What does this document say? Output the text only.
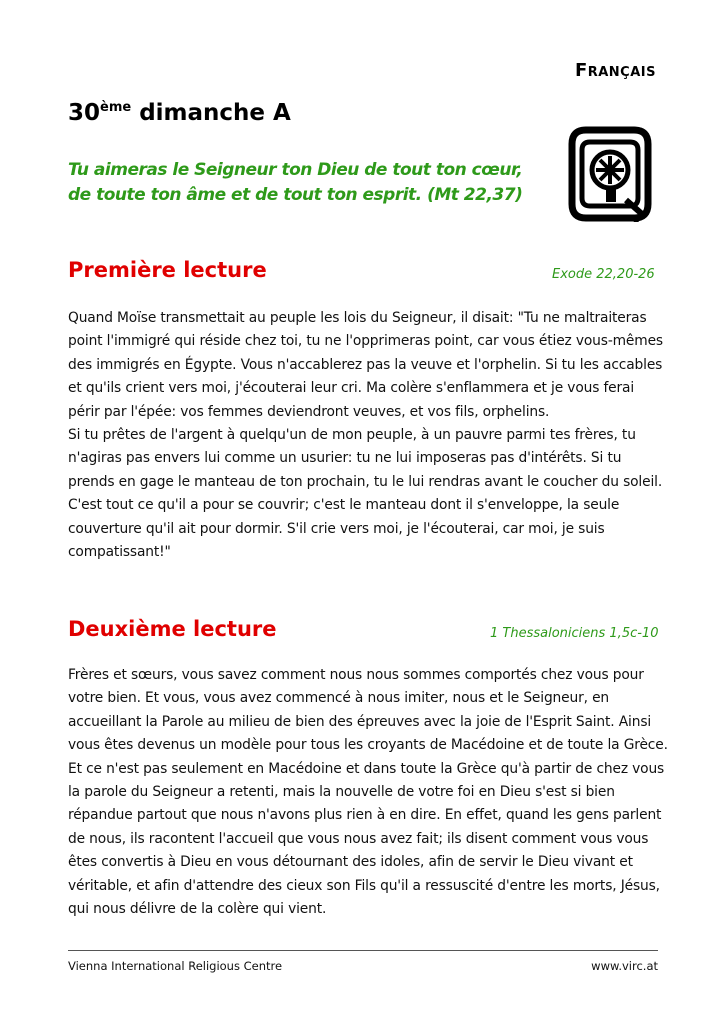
Français
30ème dimanche A
Tu aimeras le Seigneur ton Dieu de tout ton cœur,
de toute ton âme et de tout ton esprit. (Mt 22,37)
Première lecture	Exode 22,20-26

Quand Moïse transmettait au peuple les lois du Seigneur, il disait: "Tu ne maltraiteras point l'immigré qui réside chez toi, tu ne l'opprimeras point, car vous étiez vous-mêmes des immigrés en Égypte. Vous n'accablerez pas la veuve et l'orphelin. Si tu les accables et qu'ils crient vers moi, j'écouterai leur cri. Ma colère s'enflammera et je vous ferai périr par l'épée: vos femmes deviendront veuves, et vos fils, orphelins.

Si tu prêtes de l'argent à quelqu'un de mon peuple, à un pauvre parmi tes frères, tu n'agiras pas envers lui comme un usurier: tu ne lui imposeras pas d'intérêts. Si tu prends en gage le manteau de ton prochain, tu le lui rendras avant le coucher du soleil. C'est tout ce qu'il a pour se couvrir; c'est le manteau dont il s'enveloppe, la seule couverture qu'il ait pour dormir. S'il crie vers moi, je l'écouterai, car moi, je suis compatissant!"

Deuxième lecture	1 Thessaloniciens 1,5c-10

Frères et sœurs, vous savez comment nous nous sommes comportés chez vous pour votre bien. Et vous, vous avez commencé à nous imiter, nous et le Seigneur, en accueillant la Parole au milieu de bien des épreuves avec la joie de l'Esprit Saint. Ainsi vous êtes devenus un modèle pour tous les croyants de Macédoine et de toute la Grèce. Et ce n'est pas seulement en Macédoine et dans toute la Grèce qu'à partir de chez vous la parole du Seigneur a retenti, mais la nouvelle de votre foi en Dieu s'est si bien répandue partout que nous n'avons plus rien à en dire. En effet, quand les gens parlent de nous, ils racontent l'accueil que vous nous avez fait; ils disent comment vous vous êtes convertis à Dieu en vous détournant des idoles, afin de servir le Dieu vivant et véritable, et afin d'attendre des cieux son Fils qu'il a ressuscité d'entre les morts, Jésus, qui nous délivre de la colère qui vient.

Vienna International Religious Centre	www.virc.at
